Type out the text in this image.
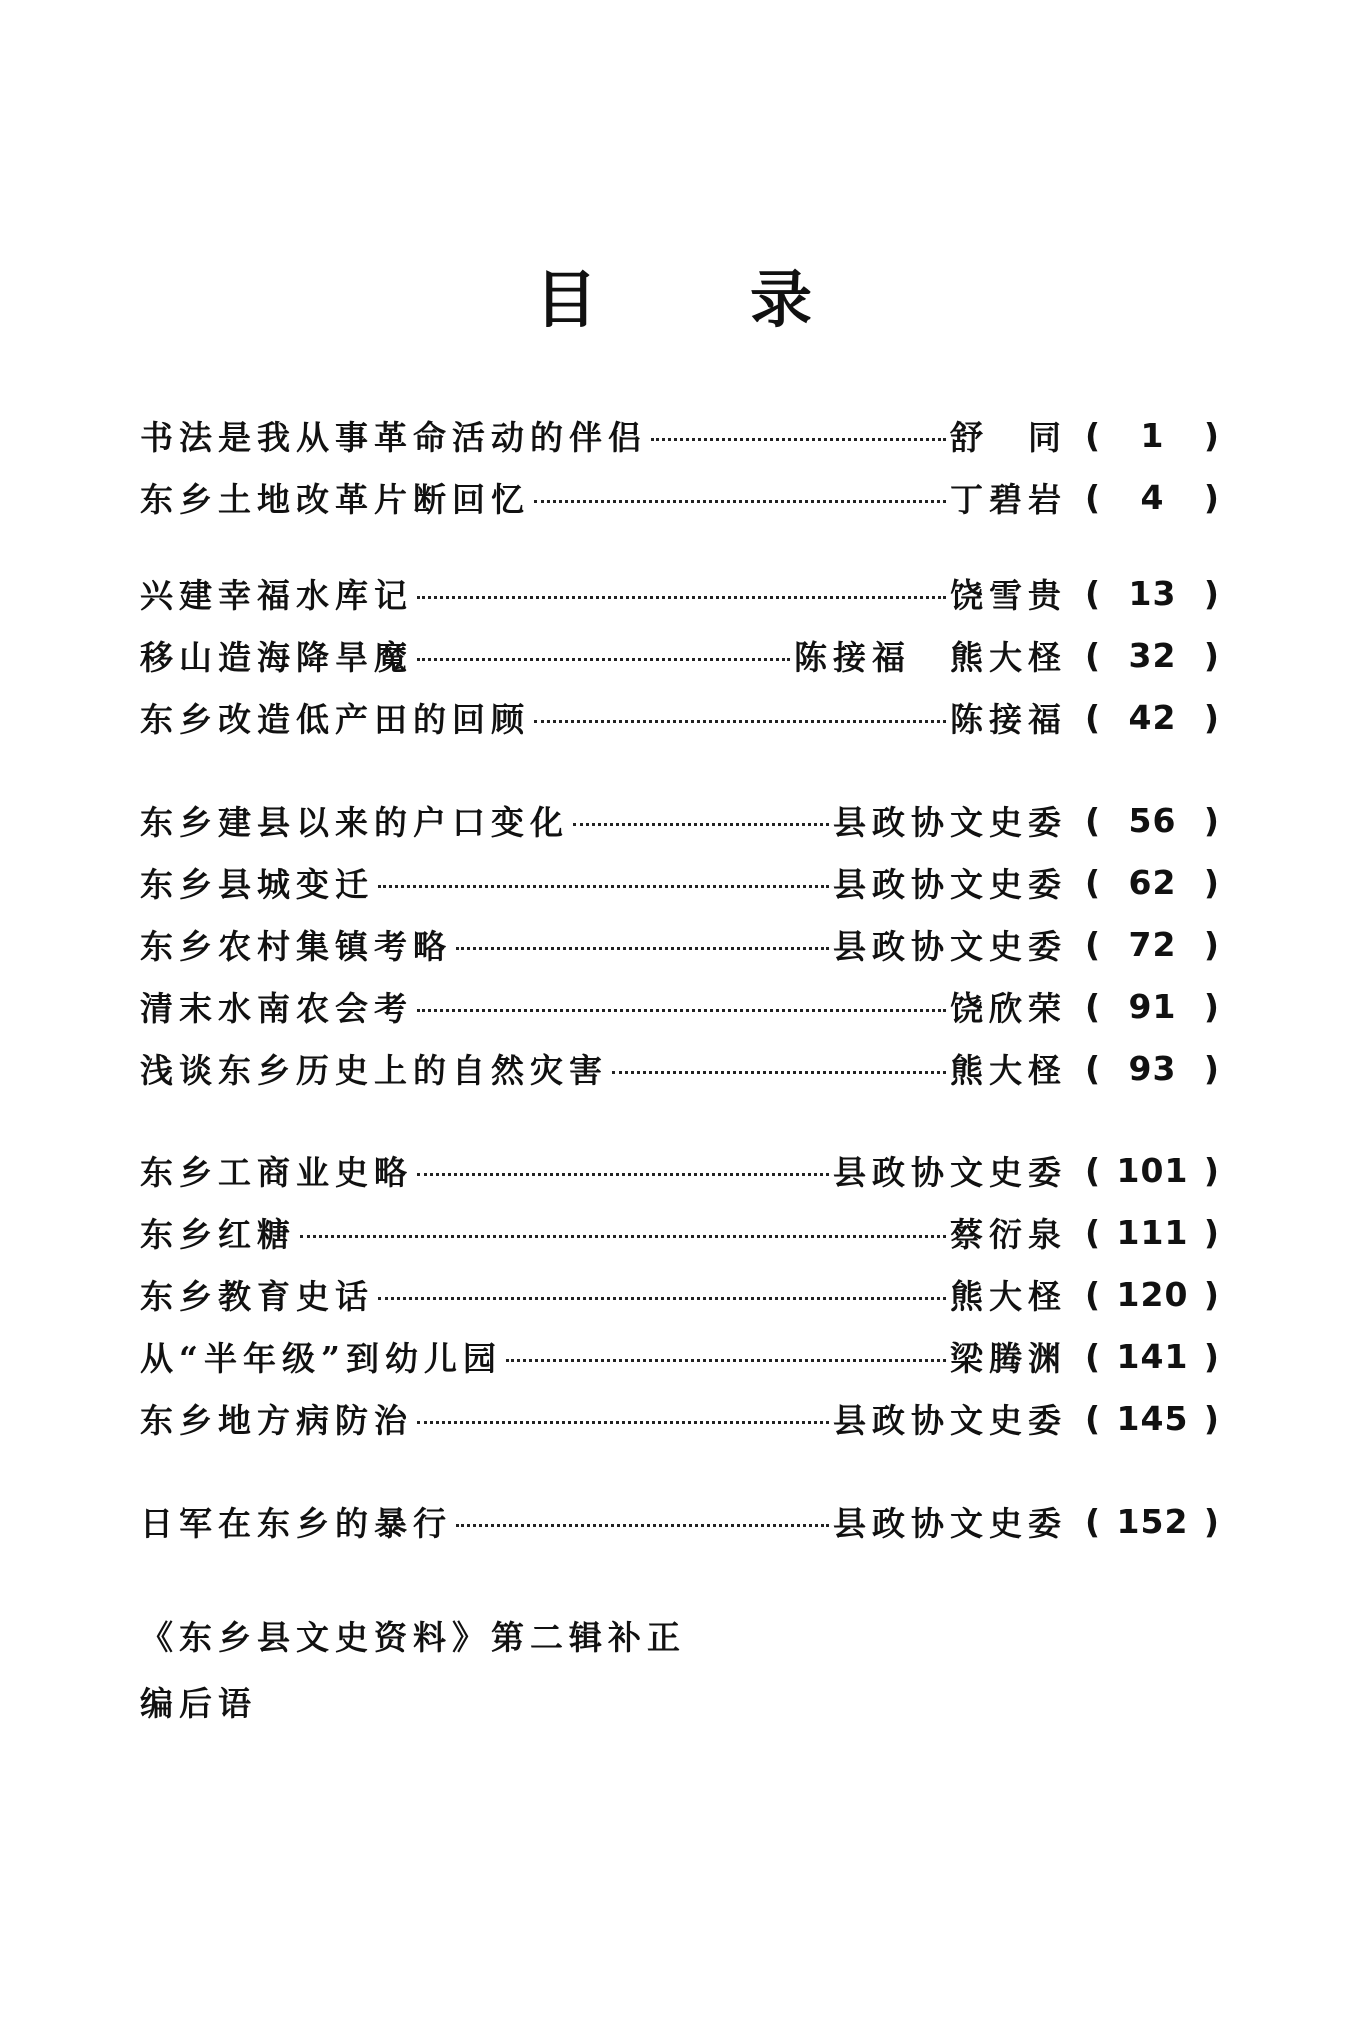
目 录
书法是我从事革命活动的伴侣	舒　同 (	1	)
东乡土地改革片断回忆	丁碧岩 (	4	)
兴建幸福水库记	饶雪贵 ( 13 )
移山造海降旱魔	陈接福　熊大柽 ( 32 )
东乡改造低产田的回顾	陈接福 ( 42 )
东乡建县以来的户口变化	县政协文史委 ( 56 )
东乡县城变迁	县政协文史委 ( 62 )
东乡农村集镇考略	县政协文史委 ( 72 )
清末水南农会考	饶欣荣 ( 91 )
浅谈东乡历史上的自然灾害	熊大柽 ( 93 )
东乡工商业史略	县政协文史委 ( 101 )
东乡红糖	蔡衍泉 ( 111 )
东乡教育史话	熊大柽 ( 120 )
从“半年级”到幼儿园	梁腾渊 ( 141 )
东乡地方病防治	县政协文史委 ( 145 )
日军在东乡的暴行	县政协文史委 ( 152 )
《东乡县文史资料》第二辑补正
编后语
